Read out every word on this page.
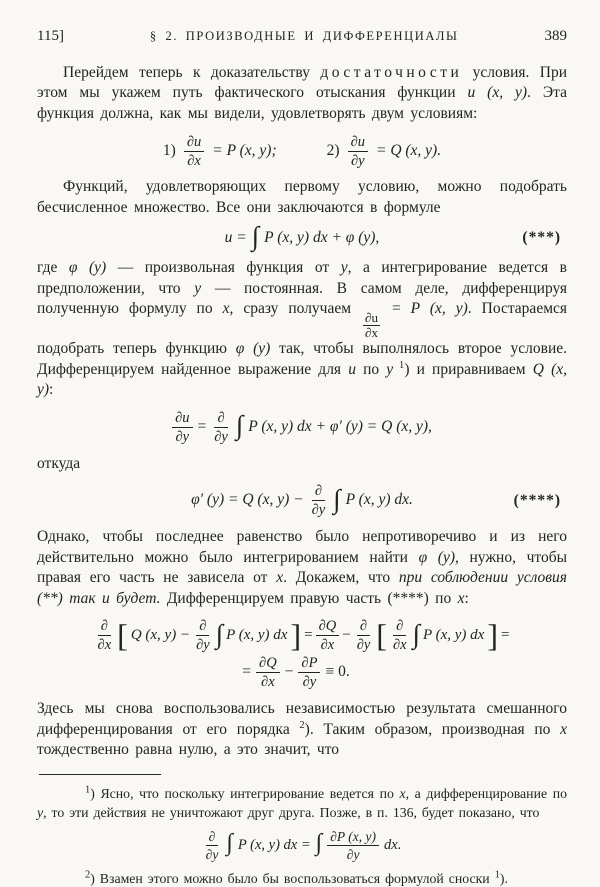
115]	§ 2. ПРОИЗВОДНЫЕ И ДИФФЕРЕНЦИАЛЫ	389

Перейдем теперь к доказательству достаточности условия. При этом мы укажем путь фактического отыскания функции u (x, y). Эта функция должна, как мы видели, удовлетворять двум условиям:

$1) \frac{\partial u}{\partial x} = P$ (x, y);	$2) \frac{\partial u}{\partial y} = Q$ (x, y).

Функций, удовлетворяющих первому условию, можно подобрать бесчисленное множество. Все они заключаются в формуле

u = ∫ P (x, y) dx + φ (y),	(***)

где φ (y) — произвольная функция от y, а интегрирование ведется в предположении, что y — постоянная. В самом деле, дифференцируя полученную формулу по x, сразу получаем
$\frac{\partial u}{\partial x}$
= P (x, y). Постараемся подобрать теперь функцию φ (y) так, чтобы выполнялось второе условие. Дифференцируем найденное выражение для u по y $^1$) и приравниваем Q (x, y):

$\frac{\partial u}{\partial y} = \frac{\partial}{\partial y}$ ∫ P (x, y) dx + φ′ (y) = Q (x, y),

откуда

φ′ (y) = Q (x, $y) - \frac{\partial}{\partial y}$ ∫ P (x, y) dx.	(****)

Однако, чтобы последнее равенство было непротиворечиво и из него действительно можно было интегрированием найти φ (y), нужно, чтобы правая его часть не зависела от x. Докажем, что при соблюдении условия (**) так и будет. Дифференцируем правую часть (****) по x:

$\frac{\partial}{\partial x}$ [ Q (x, $y) - \frac{\partial}{\partial y}$ ∫ P (x, y) dx ] = $\frac{\partial Q}{\partial x} - \frac{\partial}{\partial y}$ [ $\frac{\partial}{\partial x}$ ∫ P (x, y) dx ] =
= $\frac{\partial Q}{\partial x} - \frac{\partial P}{\partial y} \equiv 0$.

Здесь мы снова воспользовались независимостью результата смешанного дифференцирования от его порядка $^2$). Таким образом, производная по x тождественно равна нулю, а это значит, что

$^1$) Ясно, что поскольку интегрирование ведется по x, а дифференцирование по y, то эти действия не уничтожают друг друга. Позже, в п. 136, будет показано, что

$\frac{\partial}{\partial y}$ ∫ P (x, y) dx = ∫ $\frac{\partial P (x, y)}{\partial y}$ dx.

$^2$) Взамен этого можно было бы воспользоваться формулой сноски $^1$).
